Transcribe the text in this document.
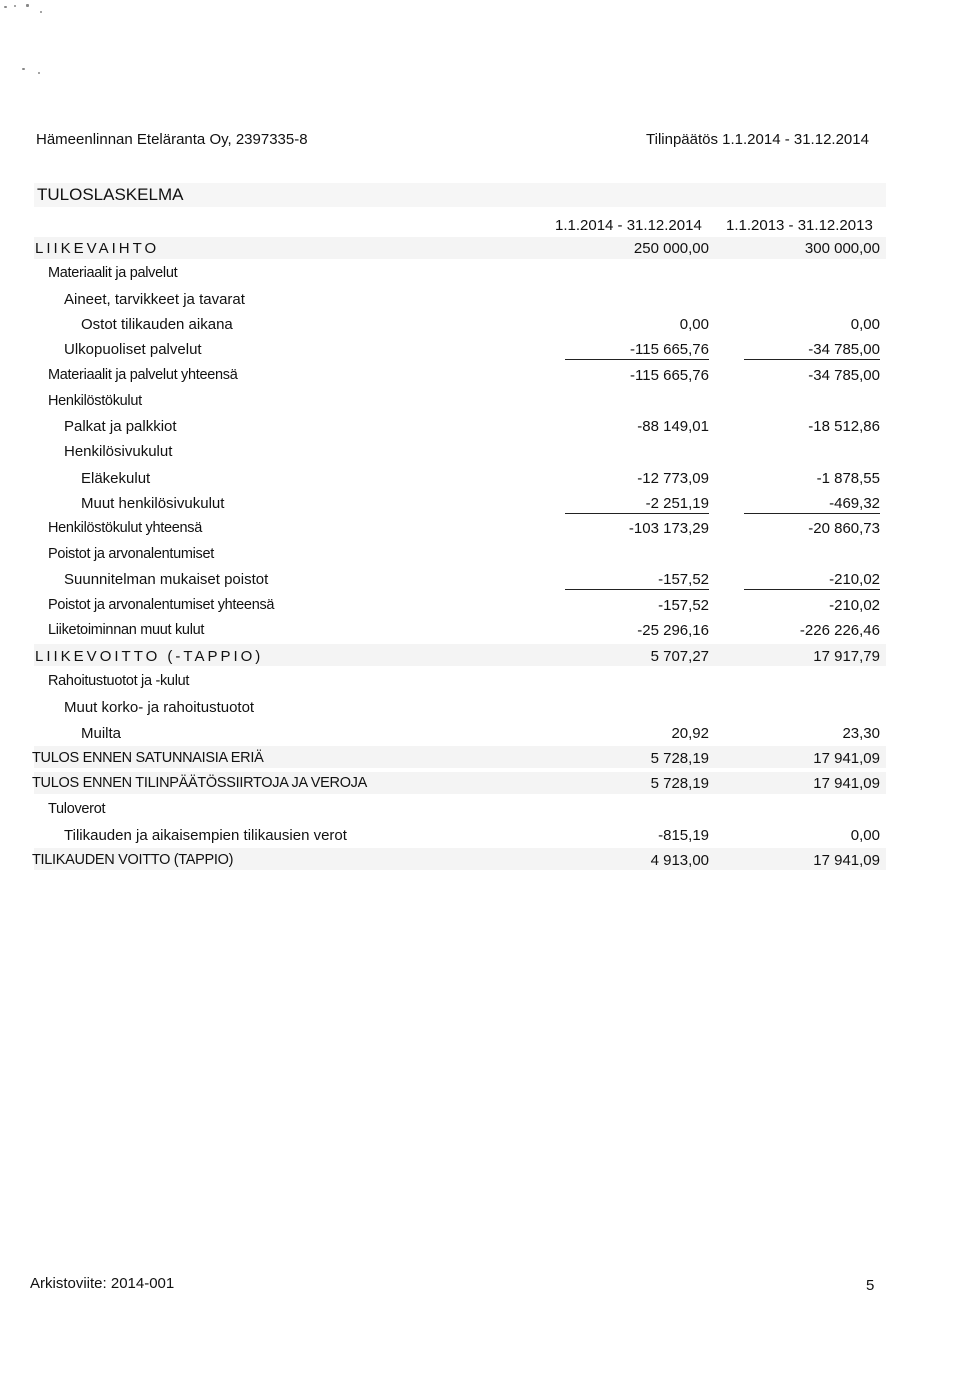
Hämeenlinnan Eteläranta Oy, 2397335-8	Tilinpäätös 1.1.2014 - 31.12.2014
TULOSLASKELMA
1.1.2014 - 31.12.2014 1.1.2013 - 31.12.2013
LIIKEVAIHTO	250 000,00	300 000,00
Materiaalit ja palvelut
Aineet, tarvikkeet ja tavarat
Ostot tilikauden aikana	0,00	0,00
Ulkopuoliset palvelut	-115 665,76	-34 785,00
Materiaalit ja palvelut yhteensä	-115 665,76	-34 785,00
Henkilöstökulut
Palkat ja palkkiot	-88 149,01	-18 512,86
Henkilösivukulut
Eläkekulut	-12 773,09	-1 878,55
Muut henkilösivukulut	-2 251,19	-469,32
Henkilöstökulut yhteensä	-103 173,29	-20 860,73
Poistot ja arvonalentumiset
Suunnitelman mukaiset poistot	-157,52	-210,02
Poistot ja arvonalentumiset yhteensä	-157,52	-210,02
Liiketoiminnan muut kulut	-25 296,16	-226 226,46
LIIKEVOITTO (-TAPPIO)	5 707,27	17 917,79
Rahoitustuotot ja -kulut
Muut korko- ja rahoitustuotot
Muilta	20,92	23,30
TULOS ENNEN SATUNNAISIA ERIÄ	5 728,19	17 941,09
TULOS ENNEN TILINPÄÄTÖSSIIRTOJA JA VEROJA	5 728,19	17 941,09
Tuloverot
Tilikauden ja aikaisempien tilikausien verot	-815,19	0,00
TILIKAUDEN VOITTO (TAPPIO)	4 913,00	17 941,09
Arkistoviite: 2014-001	5
